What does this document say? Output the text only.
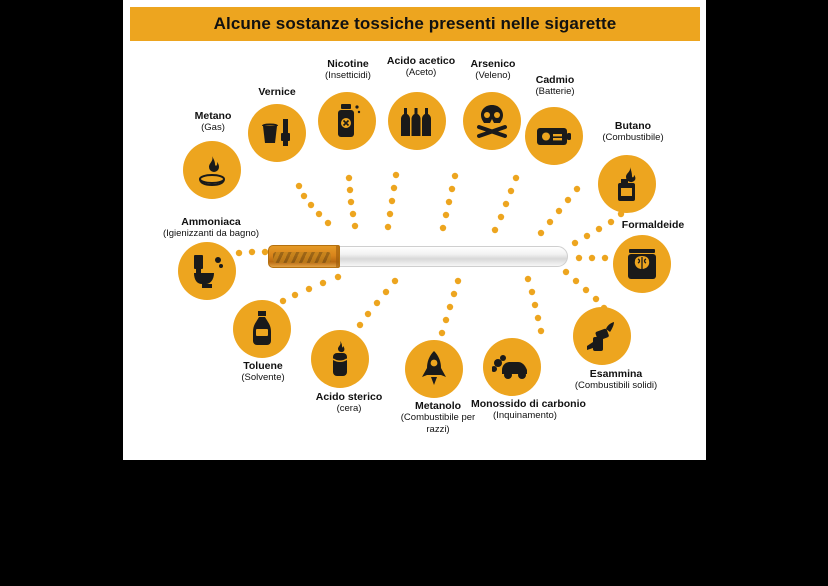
Alcune sostanze tossiche presenti nelle sigarette
Metano
(Gas)
Vernice
Nicotine
(Insetticidi)
Acido acetico
(Aceto)
Arsenico
(Veleno)	Cadmio
(Batterie)
Butano
(Combustibile)
Formaldeide
Esammina
(Combustibili solidi)
Monossido di carbonio
(Inquinamento)
Metanolo
(Combustibile per razzi)
Acido sterico
(cera)
Toluene
(Solvente)
Ammoniaca
(Igienizzanti da bagno)
